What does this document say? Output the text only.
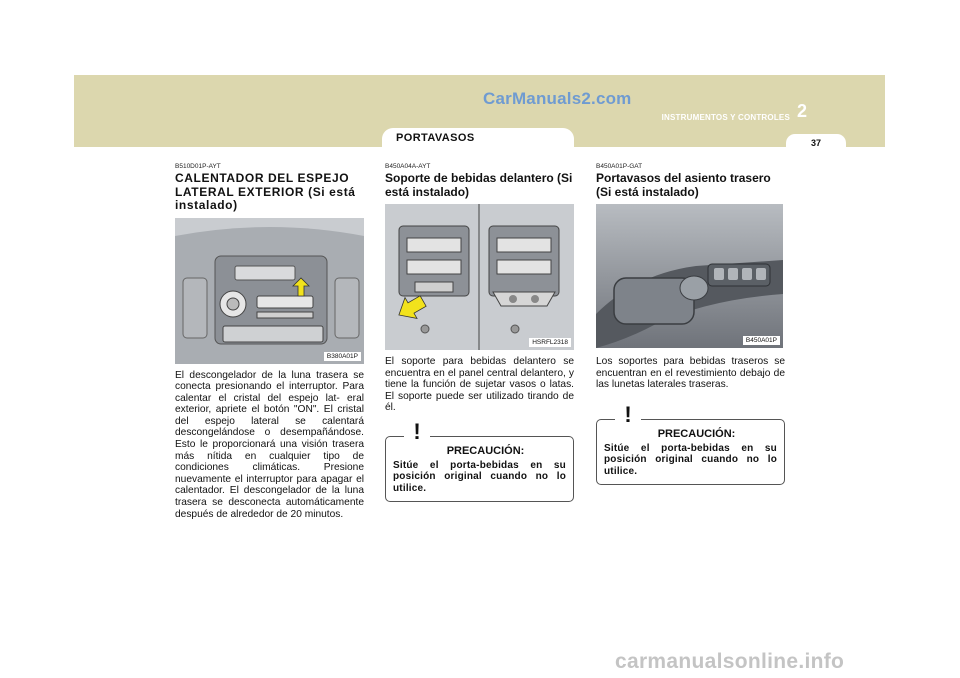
CarManuals2.com
INSTRUMENTOS Y CONTROLES 2
37
PORTAVASOS

B510D01P-AYT

CALENTADOR DEL ESPEJO LATERAL EXTERIOR (Si está instalado)

B380A01P

El descongelador de la luna trasera se conecta presionando el interruptor. Para calentar el cristal del espejo lat- eral exterior, apriete el botón "ON". El cristal del espejo lateral se calentará descongelándose o desempañándose. Esto le proporcionará una visión trasera más nítida en cualquier tipo de condiciones climáticas. Presione nuevamente el interruptor para apagar el calentador. El descongelador de la luna trasera se desconecta automáticamente después de alrededor de 20 minutos.

B450A04A-AYT

Soporte de bebidas delantero (Si está instalado)

HSRFL2318

El soporte para bebidas delantero se encuentra en el panel central delantero, y tiene la función de sujetar vasos o latas. El soporte puede ser utilizado tirando de él.

!

PRECAUCIÓN:

Sitúe el porta-bebidas en su posición original cuando no lo utilice.

B450A01P-GAT

Portavasos del asiento trasero (Si está instalado)

B450A01P

Los soportes para bebidas traseros se encuentran en el revestimiento debajo de las lunetas laterales traseras.

!

PRECAUCIÓN:

Sitúe el porta-bebidas en su posición original cuando no lo utilice.

carmanualsonline.info
